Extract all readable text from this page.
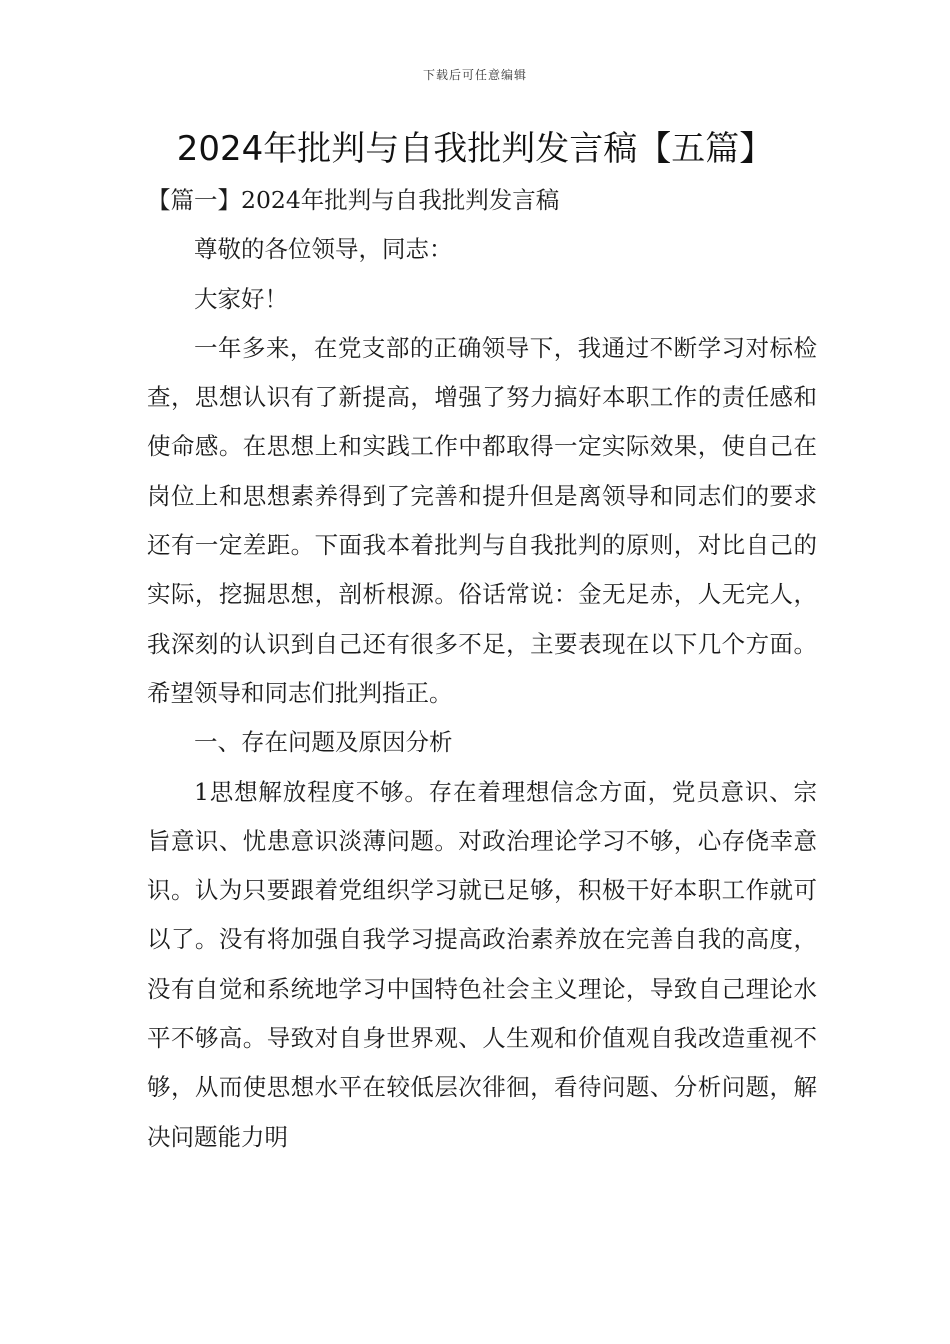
下载后可任意编辑
2024年批判与自我批判发言稿【五篇】

【篇一】2024年批判与自我批判发言稿

尊敬的各位领导，同志：

大家好！

一年多来，在党支部的正确领导下，我通过不断学习对标检查，思想认识有了新提高，增强了努力搞好本职工作的责任感和使命感。在思想上和实践工作中都取得一定实际效果，使自己在岗位上和思想素养得到了完善和提升但是离领导和同志们的要求还有一定差距。下面我本着批判与自我批判的原则，对比自己的实际，挖掘思想，剖析根源。俗话常说：金无足赤，人无完人，我深刻的认识到自己还有很多不足，主要表现在以下几个方面。希望领导和同志们批判指正。

一、存在问题及原因分析

1思想解放程度不够。存在着理想信念方面，党员意识、宗旨意识、忧患意识淡薄问题。对政治理论学习不够，心存侥幸意识。认为只要跟着党组织学习就已足够，积极干好本职工作就可以了。没有将加强自我学习提高政治素养放在完善自我的高度，没有自觉和系统地学习中国特色社会主义理论，导致自己理论水平不够高。导致对自身世界观、人生观和价值观自我改造重视不够，从而使思想水平在较低层次徘徊，看待问题、分析问题，解决问题能力明
